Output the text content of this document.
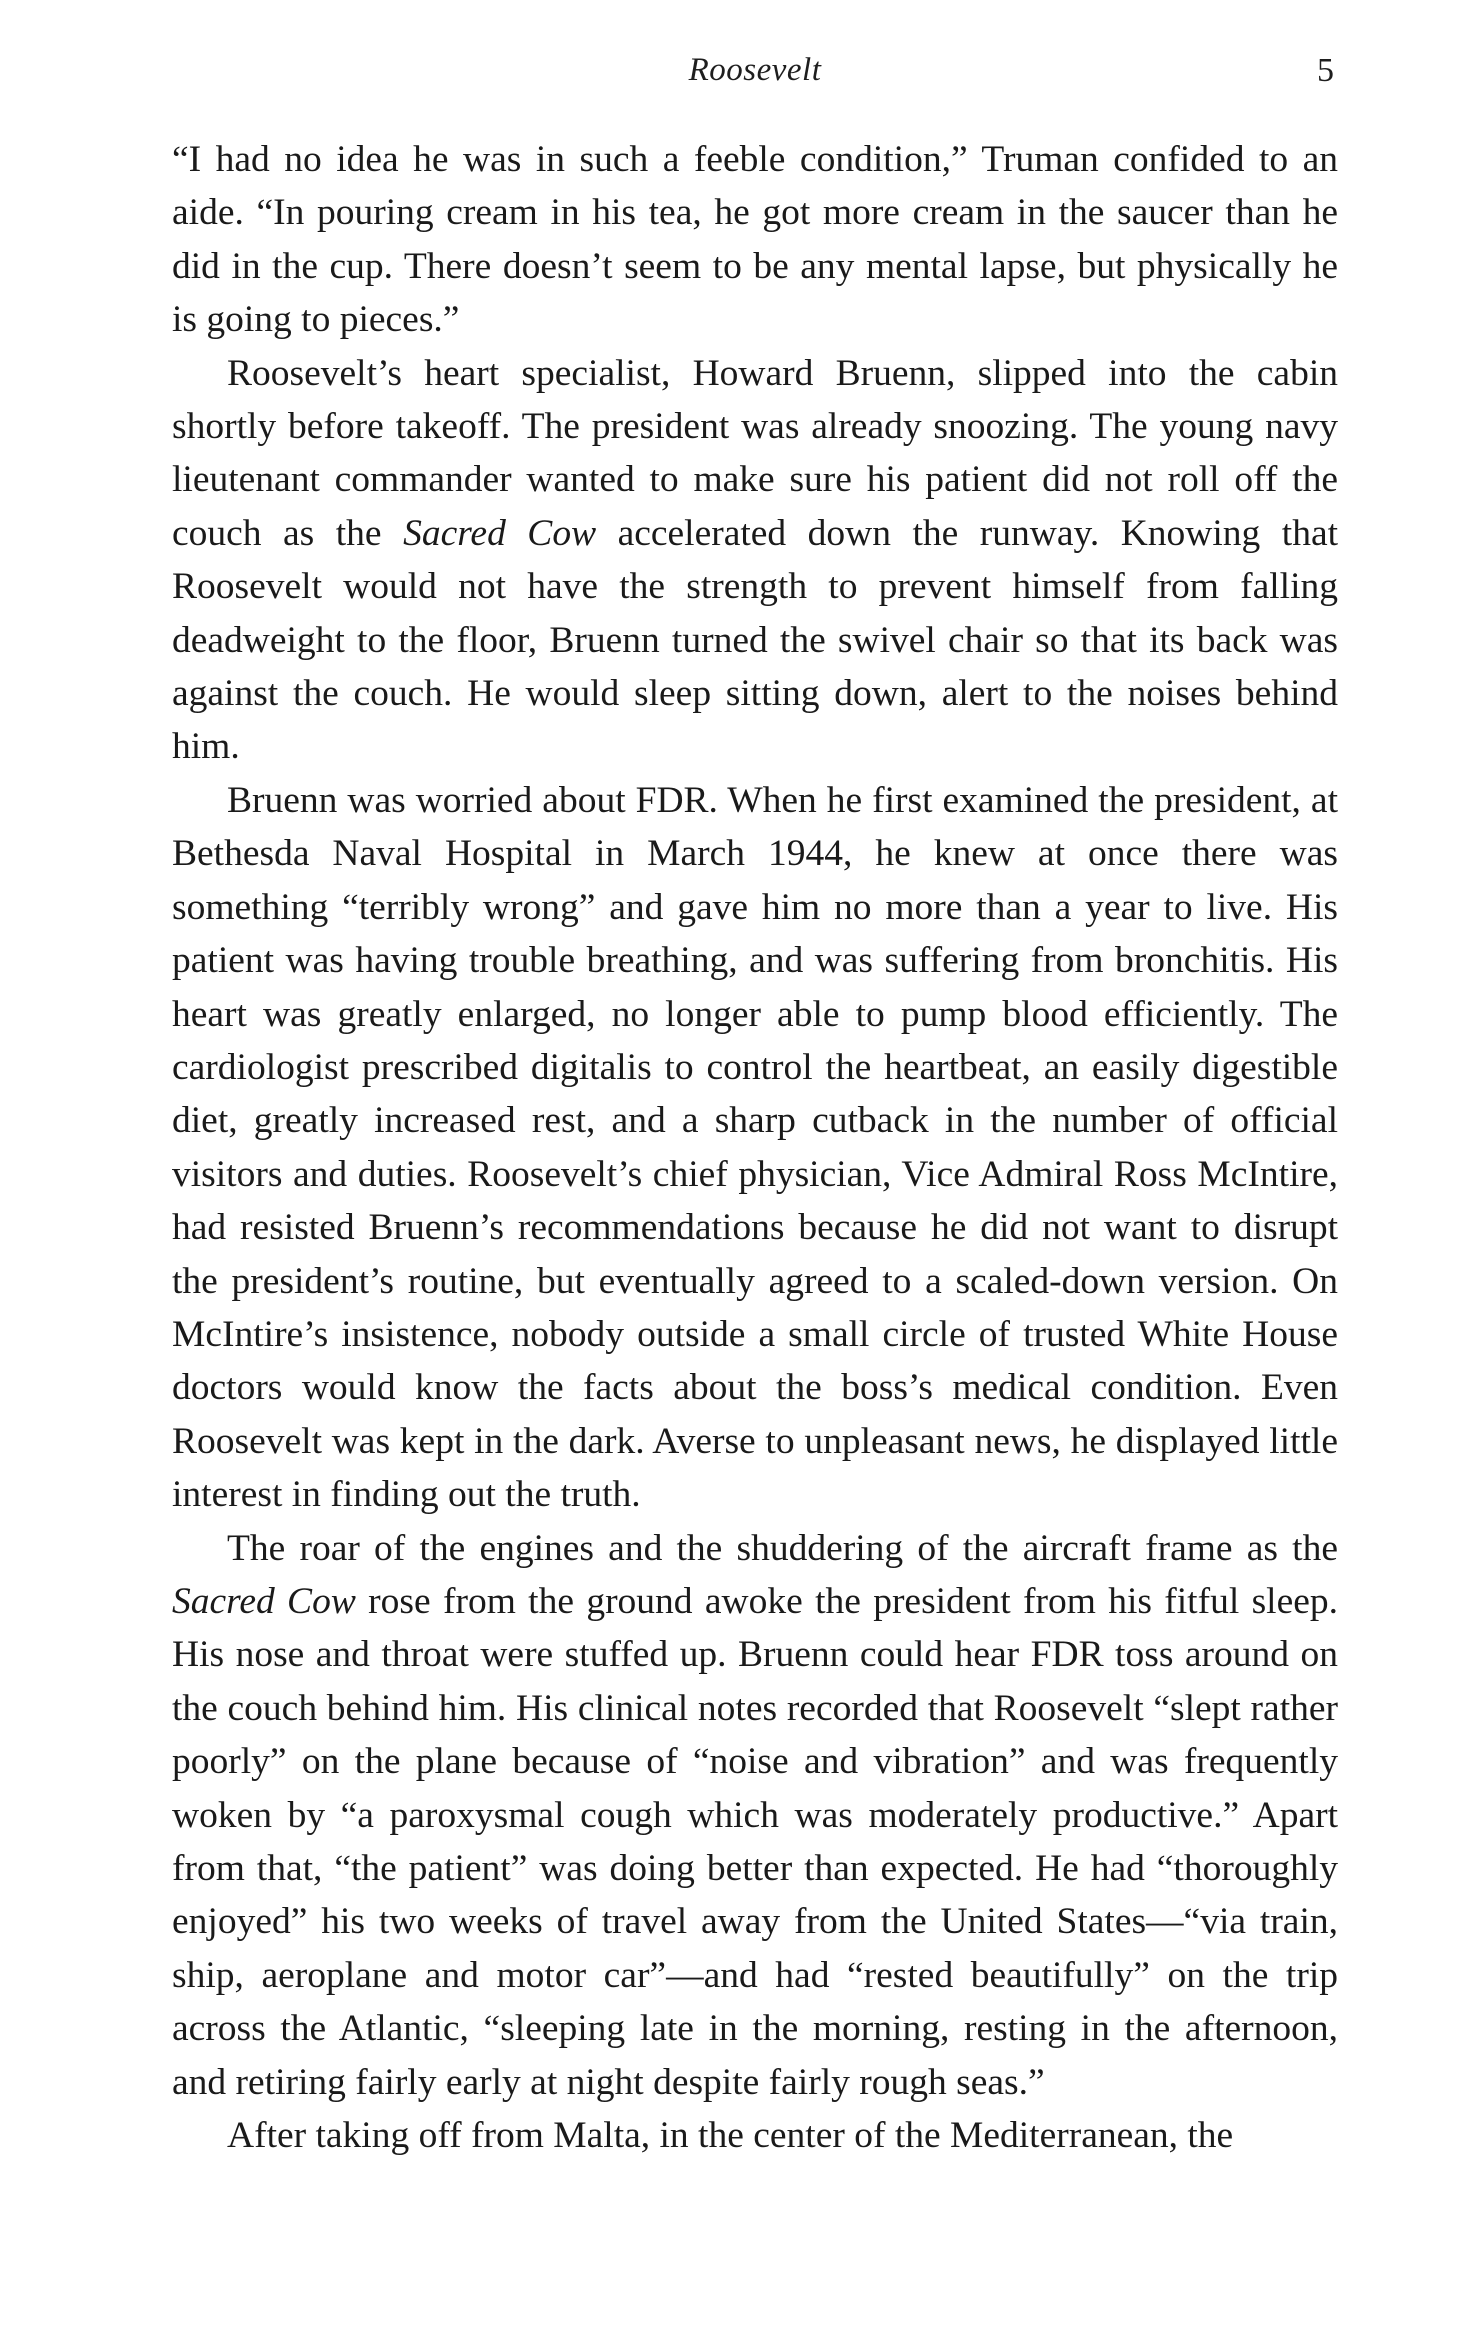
Roosevelt	5

“I had no idea he was in such a feeble condition,” Truman confided to an aide. “In pouring cream in his tea, he got more cream in the saucer than he did in the cup. There doesn’t seem to be any mental lapse, but physically he is going to pieces.”

Roosevelt’s heart specialist, Howard Bruenn, slipped into the cabin shortly before takeoff. The president was already snoozing. The young navy lieutenant commander wanted to make sure his patient did not roll off the couch as the Sacred Cow accelerated down the runway. Knowing that Roosevelt would not have the strength to prevent himself from falling deadweight to the floor, Bruenn turned the swivel chair so that its back was against the couch. He would sleep sitting down, alert to the noises behind him.

Bruenn was worried about FDR. When he first examined the president, at Bethesda Naval Hospital in March 1944, he knew at once there was something “terribly wrong” and gave him no more than a year to live. His patient was having trouble breathing, and was suffering from bronchitis. His heart was greatly enlarged, no longer able to pump blood efficiently. The cardiologist prescribed digitalis to control the heartbeat, an easily digestible diet, greatly increased rest, and a sharp cutback in the number of official visitors and duties. Roosevelt’s chief physician, Vice Admiral Ross McIntire, had resisted Bruenn’s recommendations because he did not want to disrupt the president’s routine, but eventually agreed to a scaled-down version. On McIntire’s insistence, nobody outside a small circle of trusted White House doctors would know the facts about the boss’s medical condition. Even Roosevelt was kept in the dark. Averse to unpleasant news, he displayed little interest in finding out the truth.

The roar of the engines and the shuddering of the aircraft frame as the Sacred Cow rose from the ground awoke the president from his fitful sleep. His nose and throat were stuffed up. Bruenn could hear FDR toss around on the couch behind him. His clinical notes recorded that Roosevelt “slept rather poorly” on the plane because of “noise and vibration” and was frequently woken by “a paroxysmal cough which was moderately productive.” Apart from that, “the patient” was doing better than expected. He had “thoroughly enjoyed” his two weeks of travel away from the United States—“via train, ship, aeroplane and motor car”—and had “rested beautifully” on the trip across the Atlantic, “sleeping late in the morning, resting in the afternoon, and retiring fairly early at night despite fairly rough seas.”

After taking off from Malta, in the center of the Mediterranean, the
